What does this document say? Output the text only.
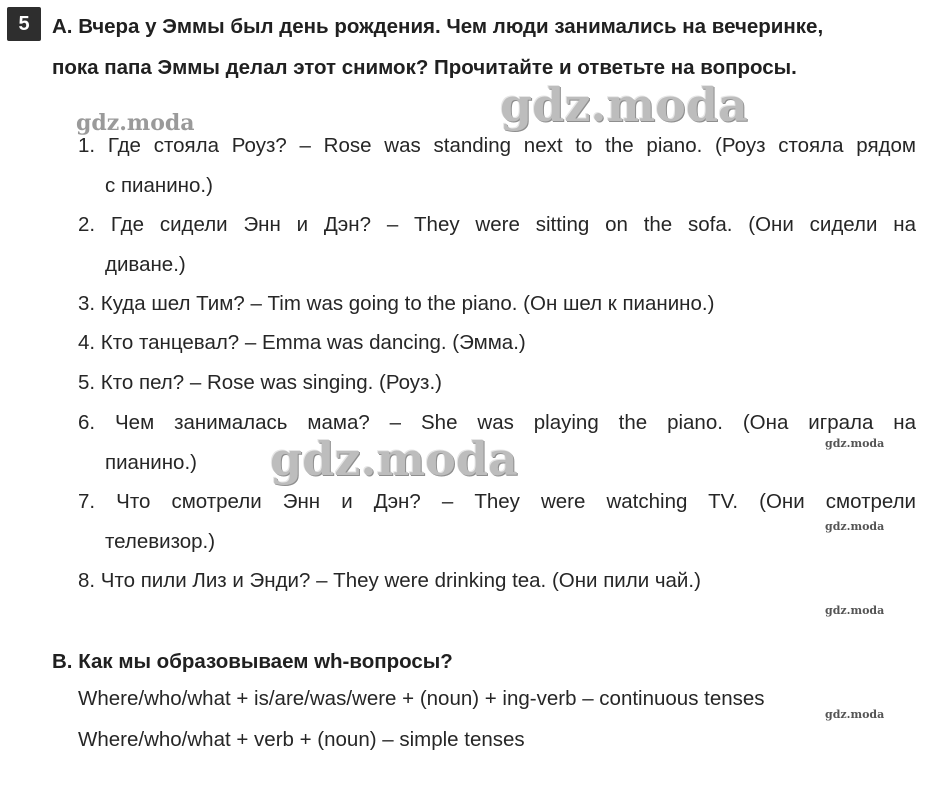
5	A. Вчера у Эммы был день рождения. Чем люди занимались на вечеринке,

пока папа Эммы делал этот снимок? Прочитайте и ответьте на вопросы.

1. Где стояла Роуз? – Rose was standing next to the piano. (Роуз стояла рядом
с пианино.)
2. Где сидели Энн и Дэн? – They were sitting on the sofa. (Они сидели на
диване.)
3. Куда шел Тим? – Tim was going to the piano. (Он шел к пианино.)
4. Кто танцевал? – Emma was dancing. (Эмма.)
5. Кто пел? – Rose was singing. (Роуз.)
6. Чем занималась мама? – She was playing the piano. (Она играла на
пианино.)
7. Что смотрели Энн и Дэн? – They were watching TV. (Они смотрели
телевизор.)
8. Что пили Лиз и Энди? – They were drinking tea. (Они пили чай.)

B. Как мы образовываем wh-вопросы?

Where/who/what + is/are/was/were + (noun) + ing-verb – continuous tenses
Where/who/what + verb + (noun) – simple tenses
gdz.moda
gdz.moda
gdz.moda	gdz.moda
gdz.moda
gdz.moda
gdz.moda
